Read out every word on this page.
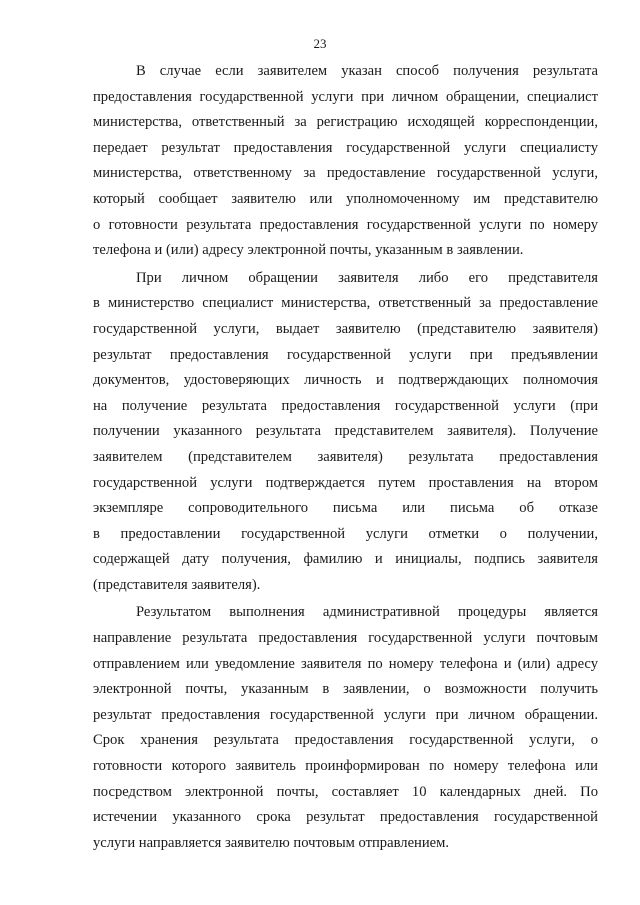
23
В случае если заявителем указан способ получения результата
предоставления государственной услуги при личном обращении, специалист
министерства, ответственный за регистрацию исходящей корреспонденции,
передает результат предоставления государственной услуги специалисту
министерства, ответственному за предоставление государственной услуги,
который сообщает заявителю или уполномоченному им представителю
о готовности результата предоставления государственной услуги по номеру
телефона и (или) адресу электронной почты, указанным в заявлении.
При личном обращении заявителя либо его представителя
в министерство специалист министерства, ответственный за предоставление
государственной услуги, выдает заявителю (представителю заявителя)
результат предоставления государственной услуги при предъявлении
документов, удостоверяющих личность и подтверждающих полномочия
на получение результата предоставления государственной услуги (при
получении указанного результата представителем заявителя). Получение
заявителем (представителем заявителя) результата предоставления
государственной услуги подтверждается путем проставления на втором
экземпляре сопроводительного письма или письма об отказе
в предоставлении государственной услуги отметки о получении,
содержащей дату получения, фамилию и инициалы, подпись заявителя
(представителя заявителя).
Результатом выполнения административной процедуры является
направление результата предоставления государственной услуги почтовым
отправлением или уведомление заявителя по номеру телефона и (или) адресу
электронной почты, указанным в заявлении, о возможности получить
результат предоставления государственной услуги при личном обращении.
Срок хранения результата предоставления государственной услуги, о
готовности которого заявитель проинформирован по номеру телефона или
посредством электронной почты, составляет 10 календарных дней. По
истечении указанного срока результат предоставления государственной
услуги направляется заявителю почтовым отправлением.
